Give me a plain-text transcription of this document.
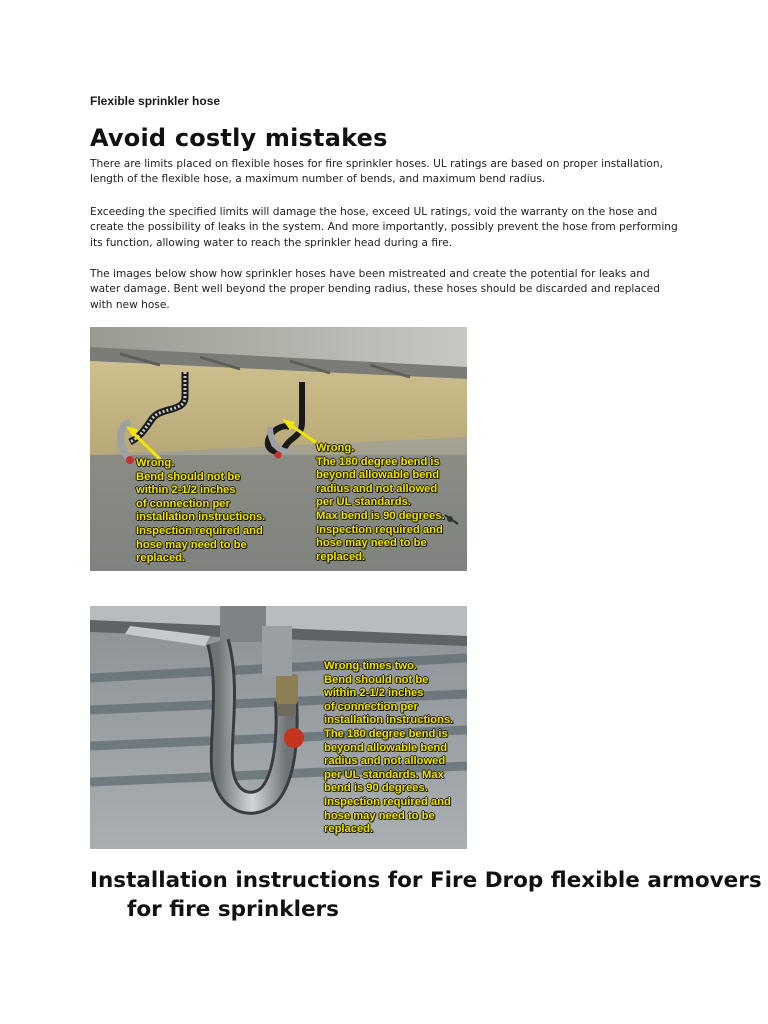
Flexible sprinkler hose
Avoid costly mistakes

There are limits placed on flexible hoses for fire sprinkler hoses. UL ratings are based on proper installation, length of the flexible hose, a maximum number of bends, and maximum bend radius.

Exceeding the specified limits will damage the hose, exceed UL ratings, void the warranty on the hose and create the possibility of leaks in the system. And more importantly, possibly prevent the hose from performing its function, allowing water to reach the sprinkler head during a fire.

The images below show how sprinkler hoses have been mistreated and create the potential for leaks and water damage. Bent well beyond the proper bending radius, these hoses should be discarded and replaced with new hose.

Wrong.
Bend should not be
within 2-1/2 inches
of connection per
installation instructions.
Inspection required and
hose may need to be
replaced.

Wrong.
The 180 degree bend is
beyond allowable bend
radius and not allowed
per UL standards.
Max bend is 90 degrees.
Inspection required and
hose may need to be
replaced.

Wrong times two.
Bend should not be
within 2-1/2 inches
of connection per
installation instructions.
The 180 degree bend is
beyond allowable bend
radius and not allowed
per UL standards. Max
bend is 90 degrees.
Inspection required and
hose may need to be
replaced.

Installation instructions for Fire Drop flexible armovers for fire sprinklers
